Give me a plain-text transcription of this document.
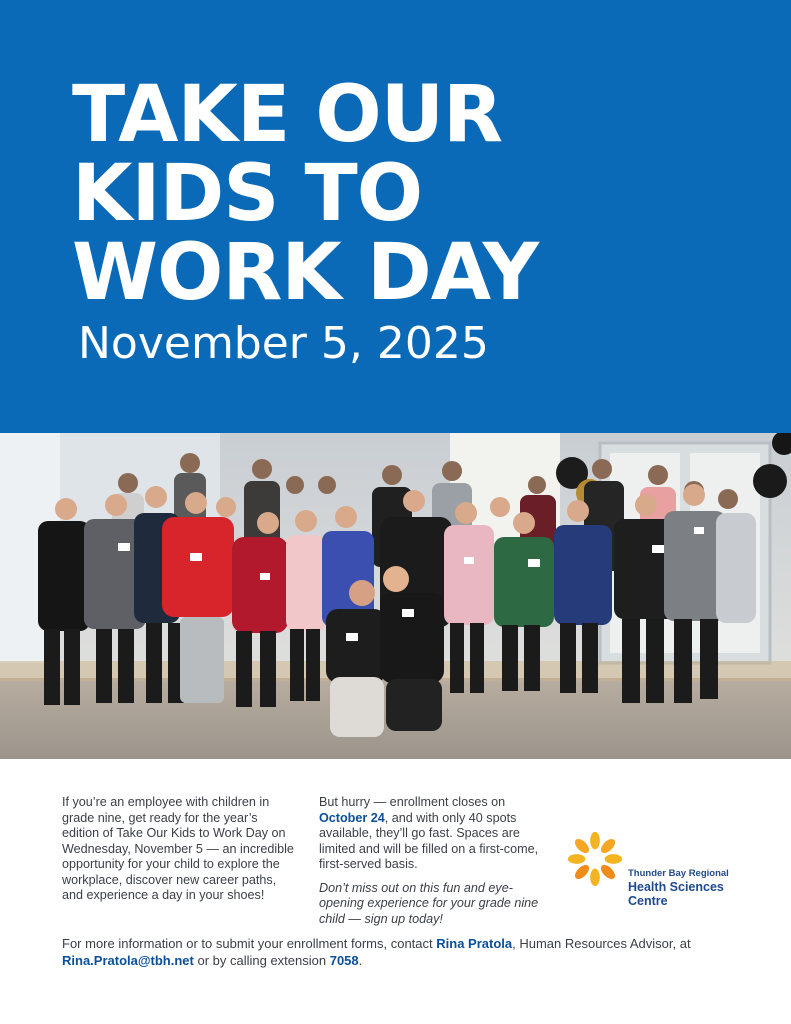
TAKE OUR
KIDS TO
WORK DAY
November 5, 2025
If you’re an employee with children in grade nine, get ready for the year’s edition of Take Our Kids to Work Day on Wednesday, November 5 — an incredible opportunity for your child to explore the workplace, discover new career paths, and experience a day in your shoes!

But hurry — enrollment closes on October 24, and with only 40 spots available, they’ll go fast. Spaces are limited and will be filled on a first-come, first-served basis.

Don’t miss out on this fun and eye-opening experience for your grade nine child — sign up today!

Thunder Bay Regional
Health Sciences
Centre
For more information or to submit your enrollment forms, contact Rina Pratola, Human Resources Advisor, at Rina.Pratola@tbh.net or by calling extension 7058.
